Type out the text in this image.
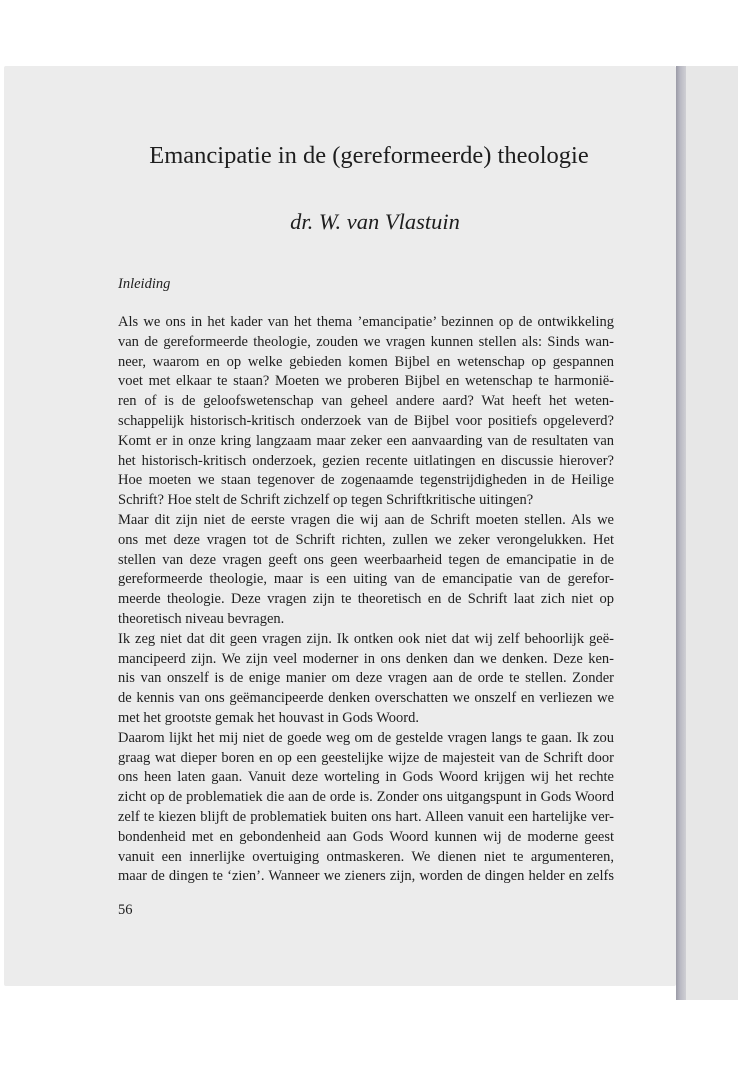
Emancipatie in de (gereformeerde) theologie
dr. W. van Vlastuin
Inleiding
Als we ons in het kader van het thema ’emancipatie’ bezinnen op de ontwikkeling
van de gereformeerde theologie, zouden we vragen kunnen stellen als: Sinds wan-
neer, waarom en op welke gebieden komen Bijbel en wetenschap op gespannen
voet met elkaar te staan? Moeten we proberen Bijbel en wetenschap te harmonië-
ren of is de geloofswetenschap van geheel andere aard? Wat heeft het weten-
schappelijk historisch-kritisch onderzoek van de Bijbel voor positiefs opgeleverd?
Komt er in onze kring langzaam maar zeker een aanvaarding van de resultaten van
het historisch-kritisch onderzoek, gezien recente uitlatingen en discussie hierover?
Hoe moeten we staan tegenover de zogenaamde tegenstrijdigheden in de Heilige
Schrift? Hoe stelt de Schrift zichzelf op tegen Schriftkritische uitingen?
Maar dit zijn niet de eerste vragen die wij aan de Schrift moeten stellen. Als we
ons met deze vragen tot de Schrift richten, zullen we zeker verongelukken. Het
stellen van deze vragen geeft ons geen weerbaarheid tegen de emancipatie in de
gereformeerde theologie, maar is een uiting van de emancipatie van de gerefor-
meerde theologie. Deze vragen zijn te theoretisch en de Schrift laat zich niet op
theoretisch niveau bevragen.
Ik zeg niet dat dit geen vragen zijn. Ik ontken ook niet dat wij zelf behoorlijk geë-
mancipeerd zijn. We zijn veel moderner in ons denken dan we denken. Deze ken-
nis van onszelf is de enige manier om deze vragen aan de orde te stellen. Zonder
de kennis van ons geëmancipeerde denken overschatten we onszelf en verliezen we
met het grootste gemak het houvast in Gods Woord.
Daarom lijkt het mij niet de goede weg om de gestelde vragen langs te gaan. Ik zou
graag wat dieper boren en op een geestelijke wijze de majesteit van de Schrift door
ons heen laten gaan. Vanuit deze worteling in Gods Woord krijgen wij het rechte
zicht op de problematiek die aan de orde is. Zonder ons uitgangspunt in Gods Woord
zelf te kiezen blijft de problematiek buiten ons hart. Alleen vanuit een hartelijke ver-
bondenheid met en gebondenheid aan Gods Woord kunnen wij de moderne geest
vanuit een innerlijke overtuiging ontmaskeren. We dienen niet te argumenteren,
maar de dingen te ‘zien’. Wanneer we zieners zijn, worden de dingen helder en zelfs
56
